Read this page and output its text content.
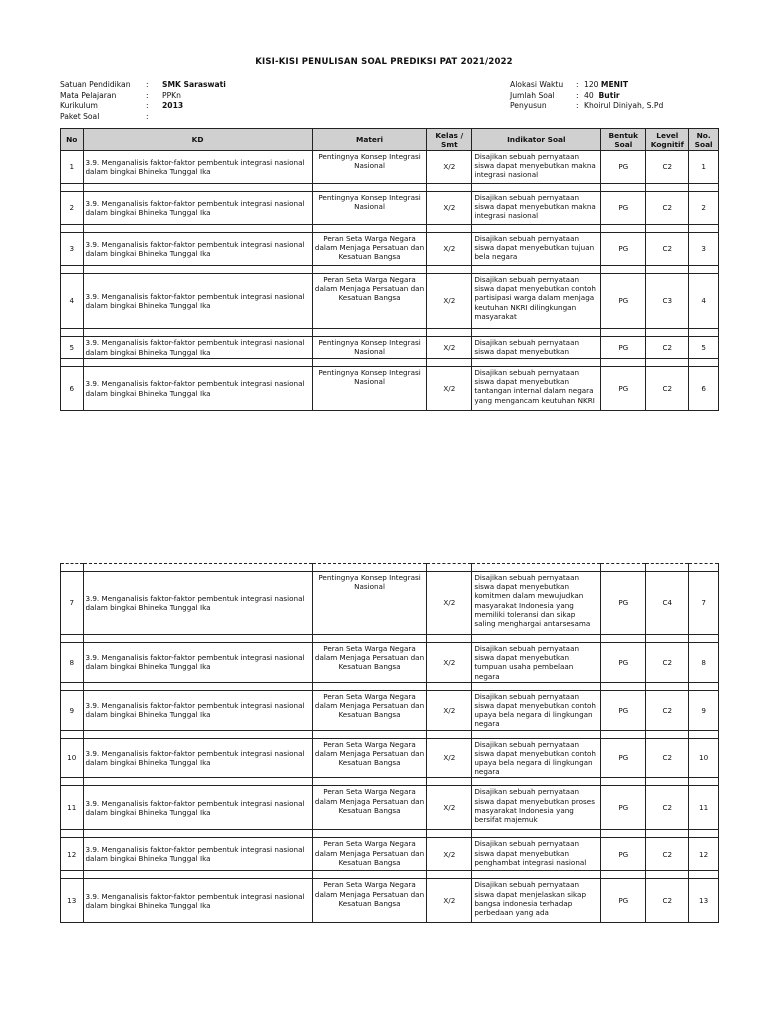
KISI-KISI PENULISAN SOAL PREDIKSI PAT 2021/2022
Satuan Pendidikan	:	SMK Saraswati
Mata Pelajaran	:	PPKn
Kurikulum	:	2013
Paket Soal	:
Alokasi Waktu	: 120 MENIT
Jumlah Soal	: 40 Butir
Penyusun	: Khoirul Diniyah, S.Pd
No	KD	Materi	Kelas / Smt	Indikator Soal	Bentuk Soal	Level Kognitif	No. Soal
1	3.9. Menganalisis faktor-faktor pembentuk integrasi nasional dalam bingkai Bhineka Tunggal Ika	Pentingnya Konsep Integrasi Nasional	X/2	Disajikan sebuah pernyataan siswa dapat menyebutkan makna integrasi nasional	PG	C2	1

2	3.9. Menganalisis faktor-faktor pembentuk integrasi nasional dalam bingkai Bhineka Tunggal Ika	Pentingnya Konsep Integrasi Nasional	X/2	Disajikan sebuah pernyataan siswa dapat menyebutkan makna integrasi nasional	PG	C2	2

3	3.9. Menganalisis faktor-faktor pembentuk integrasi nasional dalam bingkai Bhineka Tunggal Ika	Peran Seta Warga Negara dalam Menjaga Persatuan dan Kesatuan Bangsa	X/2	Disajikan sebuah pernyataan siswa dapat menyebutkan tujuan bela negara	PG	C2	3

4	3.9. Menganalisis faktor-faktor pembentuk integrasi nasional dalam bingkai Bhineka Tunggal Ika	Peran Seta Warga Negara dalam Menjaga Persatuan dan Kesatuan Bangsa	X/2	Disajikan sebuah pernyataan siswa dapat menyebutkan contoh partisipasi warga dalam menjaga keutuhan NKRI dilingkungan masyarakat	PG	C3	4

5	3.9. Menganalisis faktor-faktor pembentuk integrasi nasional dalam bingkai Bhineka Tunggal Ika	Pentingnya Konsep Integrasi Nasional	X/2	Disajikan sebuah pernyataan siswa dapat menyebutkan	PG	C2	5

6	3.9. Menganalisis faktor-faktor pembentuk integrasi nasional dalam bingkai Bhineka Tunggal Ika	Pentingnya Konsep Integrasi Nasional	X/2	Disajikan sebuah pernyataan siswa dapat menyebutkan tantangan internal dalam negara yang mengancam keutuhan NKRI	PG	C2	6

7	3.9. Menganalisis faktor-faktor pembentuk integrasi nasional dalam bingkai Bhineka Tunggal Ika	Pentingnya Konsep Integrasi Nasional	X/2	Disajikan sebuah pernyataan siswa dapat menyebutkan komitmen dalam mewujudkan masyarakat Indonesia yang memiliki toleransi dan sikap saling menghargai antarsesama	PG	C4	7

8	3.9. Menganalisis faktor-faktor pembentuk integrasi nasional dalam bingkai Bhineka Tunggal Ika	Peran Seta Warga Negara dalam Menjaga Persatuan dan Kesatuan Bangsa	X/2	Disajikan sebuah pernyataan siswa dapat menyebutkan tumpuan usaha pembelaan negara	PG	C2	8

9	3.9. Menganalisis faktor-faktor pembentuk integrasi nasional dalam bingkai Bhineka Tunggal Ika	Peran Seta Warga Negara dalam Menjaga Persatuan dan Kesatuan Bangsa	X/2	Disajikan sebuah pernyataan siswa dapat menyebutkan contoh upaya bela negara di lingkungan negara	PG	C2	9

10	3.9. Menganalisis faktor-faktor pembentuk integrasi nasional dalam bingkai Bhineka Tunggal Ika	Peran Seta Warga Negara dalam Menjaga Persatuan dan Kesatuan Bangsa	X/2	Disajikan sebuah pernyataan siswa dapat menyebutkan contoh upaya bela negara di lingkungan negara	PG	C2	10

11	3.9. Menganalisis faktor-faktor pembentuk integrasi nasional dalam bingkai Bhineka Tunggal Ika	Peran Seta Warga Negara dalam Menjaga Persatuan dan Kesatuan Bangsa	X/2	Disajikan sebuah pernyataan siswa dapat menyebutkan proses masyarakat Indonesia yang bersifat majemuk	PG	C2	11

12	3.9. Menganalisis faktor-faktor pembentuk integrasi nasional dalam bingkai Bhineka Tunggal Ika	Peran Seta Warga Negara dalam Menjaga Persatuan dan Kesatuan Bangsa	X/2	Disajikan sebuah pernyataan siswa dapat menyebutkan penghambat integrasi nasional	PG	C2	12

13	3.9. Menganalisis faktor-faktor pembentuk integrasi nasional dalam bingkai Bhineka Tunggal Ika	Peran Seta Warga Negara dalam Menjaga Persatuan dan Kesatuan Bangsa	X/2	Disajikan sebuah pernyataan siswa dapat menjelaskan sikap bangsa indonesia terhadap perbedaan yang ada	PG	C2	13
